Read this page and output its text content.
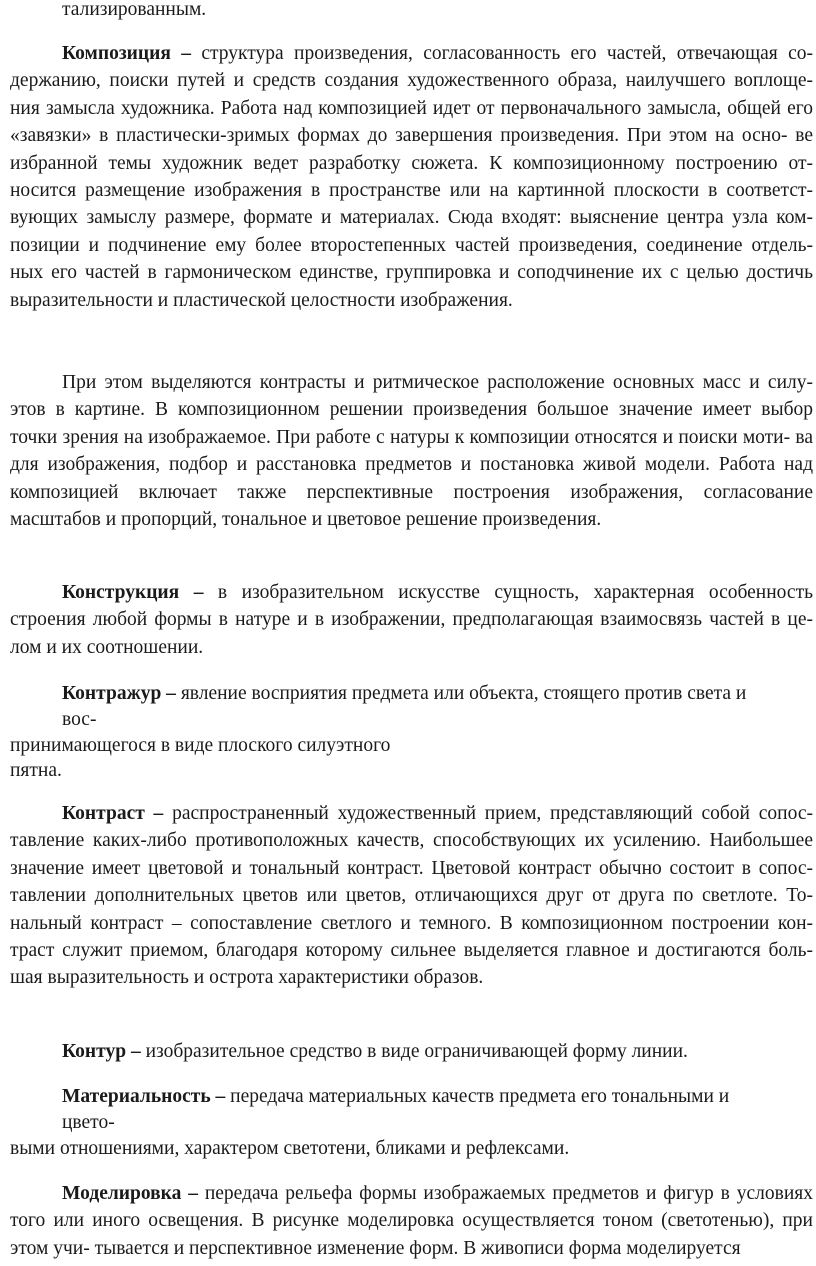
тализированным.

Композиция – структура произведения, согласованность его частей, отвечающая со- держанию, поиски путей и средств создания художественного образа, наилучшего воплоще- ния замысла художника. Работа над композицией идет от первоначального замысла, общей его «завязки» в пластически-зримых формах до завершения произведения. При этом на осно- ве избранной темы художник ведет разработку сюжета. К композиционному построению от- носится размещение изображения в пространстве или на картинной плоскости в соответст- вующих замыслу размере, формате и материалах. Сюда входят: выяснение центра узла ком- позиции и подчинение ему более второстепенных частей произведения, соединение отдель- ных его частей в гармоническом единстве, группировка и соподчинение их с целью достичь выразительности и пластической целостности изображения.

При этом выделяются контрасты и ритмическое расположение основных масс и силу- этов в картине. В композиционном решении произведения большое значение имеет выбор точки зрения на изображаемое. При работе с натуры к композиции относятся и поиски моти- ва для изображения, подбор и расстановка предметов и постановка живой модели. Работа над композицией включает также перспективные построения изображения, согласование масштабов и пропорций, тональное и цветовое решение произведения.

Конструкция – в изобразительном искусстве сущность, характерная особенность строения любой формы в натуре и в изображении, предполагающая взаимосвязь частей в це- лом и их соотношении.

Контражур – явление восприятия предмета или объекта, стоящего против света и

вос-

принимающегося в виде плоского силуэтного

пятна.

Контраст – распространенный художественный прием, представляющий собой сопос- тавление каких-либо противоположных качеств, способствующих их усилению. Наибольшее значение имеет цветовой и тональный контраст. Цветовой контраст обычно состоит в сопос- тавлении дополнительных цветов или цветов, отличающихся друг от друга по светлоте. То- нальный контраст – сопоставление светлого и темного. В композиционном построении кон- траст служит приемом, благодаря которому сильнее выделяется главное и достигаются боль- шая выразительность и острота характеристики образов.

Контур – изобразительное средство в виде ограничивающей форму линии.

Материальность – передача материальных качеств предмета его тональными и

цвето-

выми отношениями, характером светотени, бликами и рефлексами.

Моделировка – передача рельефа формы изображаемых предметов и фигур в условиях того или иного освещения. В рисунке моделировка осуществляется тоном (светотенью), при этом учи- тывается и перспективное изменение форм. В живописи форма моделируется
